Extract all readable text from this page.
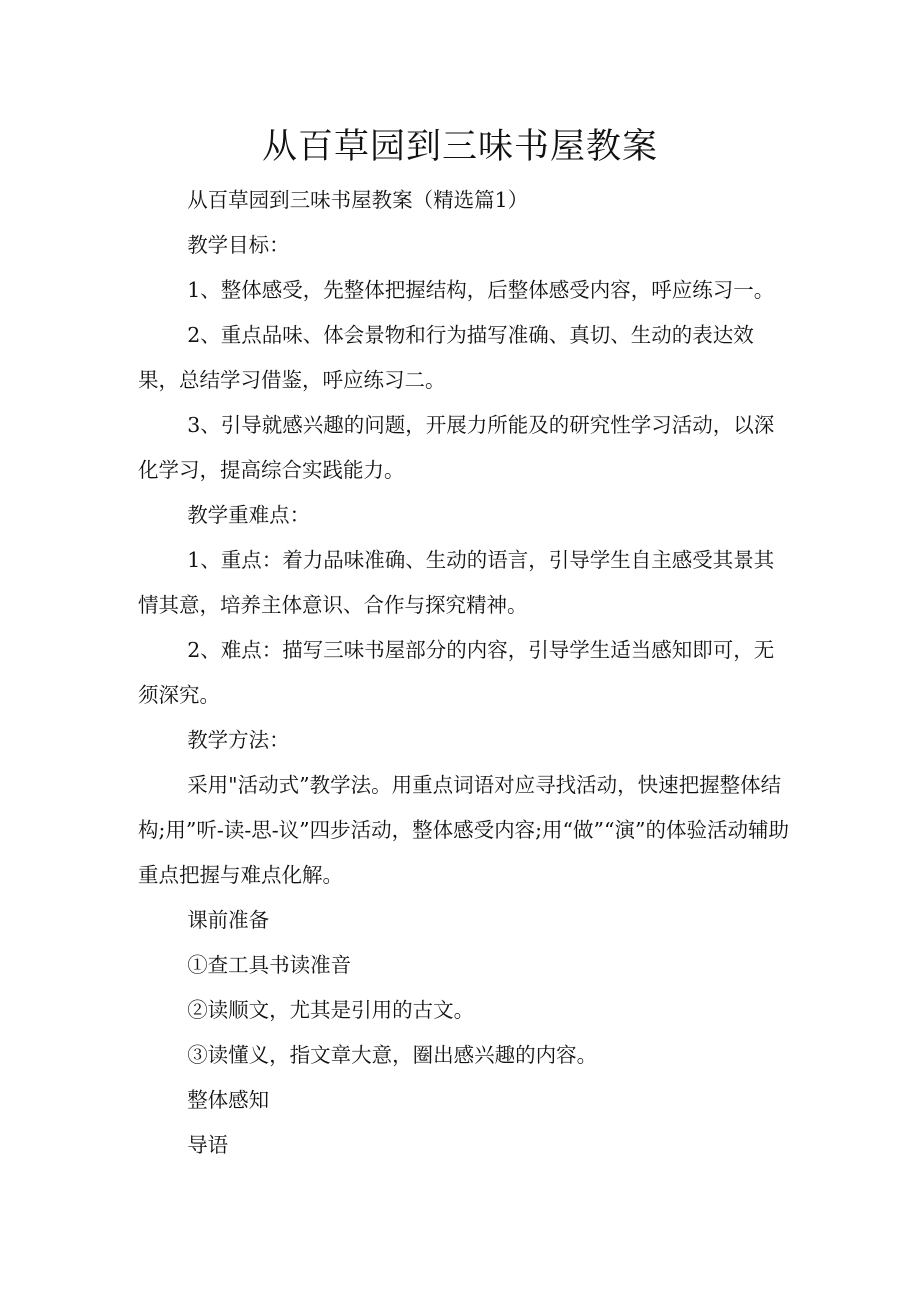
从百草园到三味书屋教案

从百草园到三味书屋教案（精选篇1）

教学目标：

1、整体感受，先整体把握结构，后整体感受内容，呼应练习一。

2、重点品味、体会景物和行为描写准确、真切、生动的表达效果，总结学习借鉴，呼应练习二。

3、引导就感兴趣的问题，开展力所能及的研究性学习活动，以深化学习，提高综合实践能力。

教学重难点：

1、重点：着力品味准确、生动的语言，引导学生自主感受其景其情其意，培养主体意识、合作与探究精神。

2、难点：描写三味书屋部分的内容，引导学生适当感知即可，无须深究。

教学方法：

采用"活动式”教学法。用重点词语对应寻找活动，快速把握整体结构;用”听-读-思-议”四步活动，整体感受内容;用“做”“演”的体验活动辅助重点把握与难点化解。

课前准备

①查工具书读准音

②读顺文，尤其是引用的古文。

③读懂义，指文章大意，圈出感兴趣的内容。

整体感知

导语
